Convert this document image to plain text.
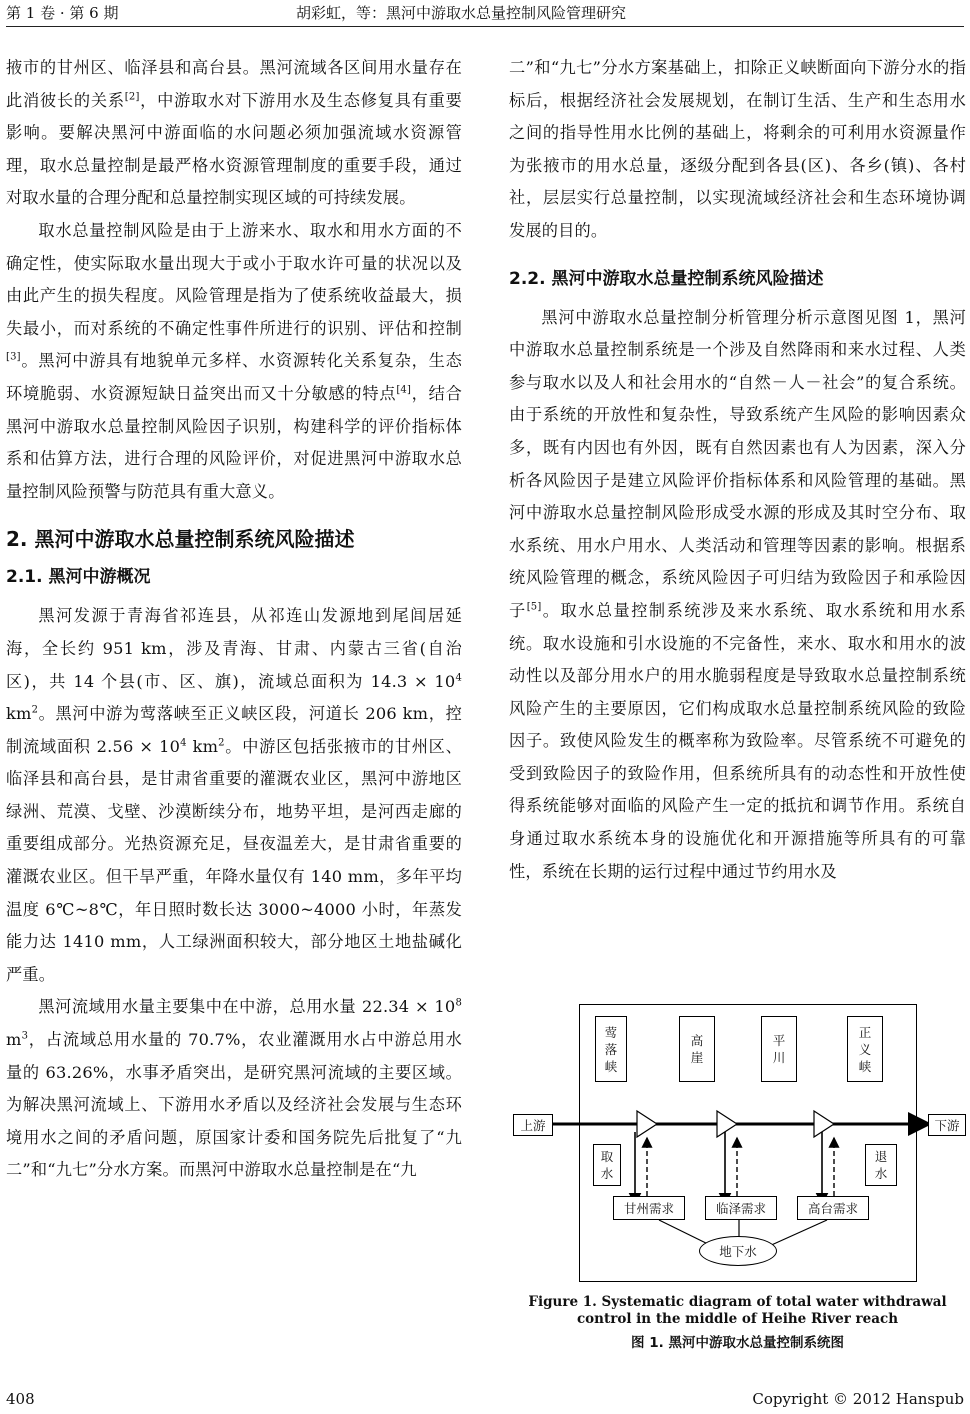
第 1 卷 · 第 6 期	胡彩虹，等：黑河中游取水总量控制风险管理研究

掖市的甘州区、临泽县和高台县。黑河流域各区间用水量存在此消彼长的关系[2]，中游取水对下游用水及生态修复具有重要影响。要解决黑河中游面临的水问题必须加强流域水资源管理，取水总量控制是最严格水资源管理制度的重要手段，通过对取水量的合理分配和总量控制实现区域的可持续发展。

取水总量控制风险是由于上游来水、取水和用水方面的不确定性，使实际取水量出现大于或小于取水许可量的状况以及由此产生的损失程度。风险管理是指为了使系统收益最大，损失最小，而对系统的不确定性事件所进行的识别、评估和控制[3]。黑河中游具有地貌单元多样、水资源转化关系复杂，生态环境脆弱、水资源短缺日益突出而又十分敏感的特点[4]，结合黑河中游取水总量控制风险因子识别，构建科学的评价指标体系和估算方法，进行合理的风险评价，对促进黑河中游取水总量控制风险预警与防范具有重大意义。

2. 黑河中游取水总量控制系统风险描述
2.1. 黑河中游概况

黑河发源于青海省祁连县，从祁连山发源地到尾闾居延海，全长约 951 km，涉及青海、甘肃、内蒙古三省(自治区)，共 14 个县(市、区、旗)，流域总面积为 $14.3 \times 10^4$ $km^2$。黑河中游为莺落峡至正义峡区段，河道长 206 km，控制流域面积 $2.56 \times 10^4$ $km^2$。中游区包括张掖市的甘州区、临泽县和高台县，是甘肃省重要的灌溉农业区，黑河中游地区绿洲、荒漠、戈壁、沙漠断续分布，地势平坦，是河西走廊的重要组成部分。光热资源充足，昼夜温差大，是甘肃省重要的灌溉农业区。但干旱严重，年降水量仅有 140 mm，多年平均温度 6℃~8℃，年日照时数长达 3000~4000 小时，年蒸发能力达 1410 mm，人工绿洲面积较大，部分地区土地盐碱化严重。

黑河流域用水量主要集中在中游，总用水量 $22.34 \times 10^8$ $m^3$，占流域总用水量的 70.7%，农业灌溉用水占中游总用水量的 63.26%，水事矛盾突出，是研究黑河流域的主要区域。为解决黑河流域上、下游用水矛盾以及经济社会发展与生态环境用水之间的矛盾问题，原国家计委和国务院先后批复了“九二”和“九七”分水方案。而黑河中游取水总量控制是在“九

二”和“九七”分水方案基础上，扣除正义峡断面向下游分水的指标后，根据经济社会发展规划，在制订生活、生产和生态用水之间的指导性用水比例的基础上，将剩余的可利用水资源量作为张掖市的用水总量，逐级分配到各县(区)、各乡(镇)、各村社，层层实行总量控制，以实现流域经济社会和生态环境协调发展的目的。

2.2. 黑河中游取水总量控制系统风险描述

黑河中游取水总量控制分析管理分析示意图见图 1，黑河中游取水总量控制系统是一个涉及自然降雨和来水过程、人类参与取水以及人和社会用水的“自然－人－社会”的复合系统。由于系统的开放性和复杂性，导致系统产生风险的影响因素众多，既有内因也有外因，既有自然因素也有人为因素，深入分析各风险因子是建立风险评价指标体系和风险管理的基础。黑河中游取水总量控制风险形成受水源的形成及其时空分布、取水系统、用水户用水、人类活动和管理等因素的影响。根据系统风险管理的概念，系统风险因子可归结为致险因子和承险因子[5]。取水总量控制系统涉及来水系统、取水系统和用水系统。取水设施和引水设施的不完备性，来水、取水和用水的波动性以及部分用水户的用水脆弱程度是导致取水总量控制系统风险产生的主要原因，它们构成取水总量控制系统风险的致险因子。致使风险发生的概率称为致险率。尽管系统不可避免的受到致险因子的致险作用，但系统所具有的动态性和开放性使得系统能够对面临的风险产生一定的抵抗和调节作用。系统自身通过取水系统本身的设施优化和开源措施等所具有的可靠性，系统在长期的运行过程中通过节约用水及

莺
落
峡
高
崖
平
川
正
义
峡
上游	下游
取
水
退
水
甘州需求	临泽需求	高台需求
地下水
Figure 1. Systematic diagram of total water withdrawal control in the middle of Heihe River reach
图 1. 黑河中游取水总量控制系统图
408	Copyright © 2012 Hanspub
